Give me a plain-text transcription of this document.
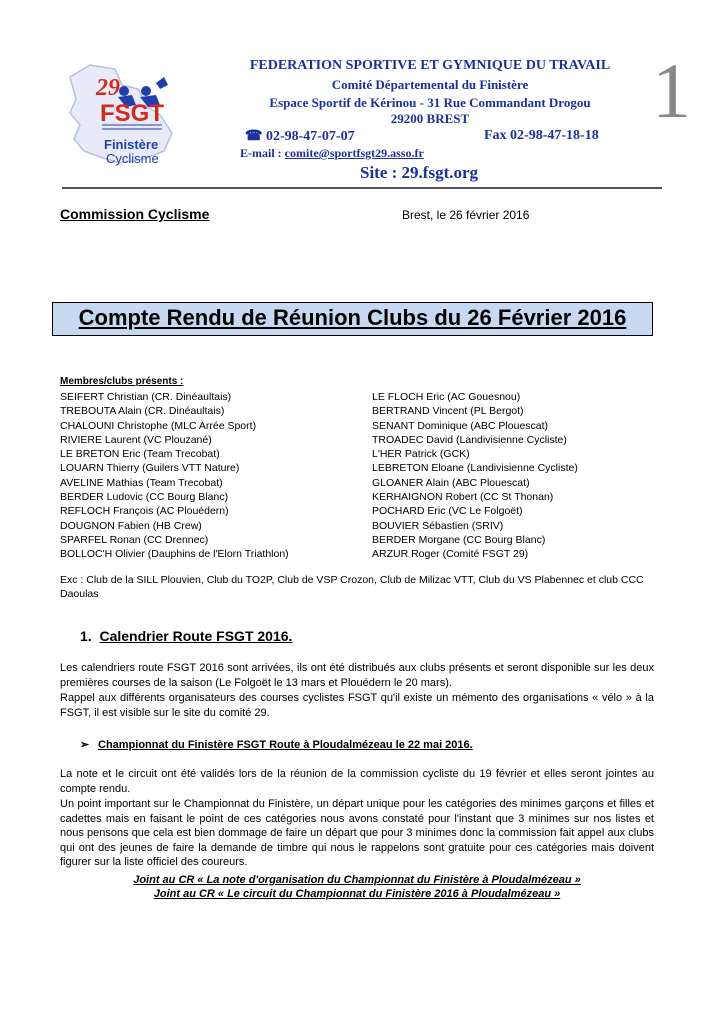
29
FSGT
Finistère
Cyclisme
FEDERATION SPORTIVE ET GYMNIQUE DU TRAVAIL
Comité Départemental du Finistère
Espace Sportif de Kérinou - 31 Rue Commandant Drogou
29200 BREST
☎ 02-98-47-07-07	Fax 02-98-47-18-18
E-mail : comite@sportfsgt29.asso.fr
Site : 29.fsgt.org
1
Commission Cyclisme	Brest, le 26 février 2016
Compte Rendu de Réunion Clubs du 26 Février 2016
Membres/clubs présents :
SEIFERT Christian (CR. Dinéaultais)
TREBOUTA Alain (CR. Dinéaultais)
CHALOUNI Christophe (MLC Arrée Sport)
RIVIERE Laurent (VC Plouzané)
LE BRETON Eric (Team Trecobat)
LOUARN Thierry (Guilers VTT Nature)
AVELINE Mathias (Team Trecobat)
BERDER Ludovic (CC Bourg Blanc)
REFLOCH François (AC Plouédern)
DOUGNON Fabien (HB Crew)
SPARFEL Ronan (CC Drennec)
BOLLOC'H Olivier (Dauphins de l'Elorn Triathlon)
LE FLOCH Eric (AC Gouesnou)
BERTRAND Vincent (PL Bergot)
SENANT Dominique (ABC Plouescat)
TROADEC David (Landivisienne Cycliste)
L'HER Patrick (GCK)
LEBRETON Eloane (Landivisienne Cycliste)
GLOANER Alain (ABC Plouescat)
KERHAIGNON Robert (CC St Thonan)
POCHARD Eric (VC Le Folgoët)
BOUVIER Sébastien (SRIV)
BERDER Morgane (CC Bourg Blanc)
ARZUR Roger (Comité FSGT 29)
Exc : Club de la SILL Plouvien, Club du TO2P, Club de VSP Crozon, Club de Milizac VTT, Club du VS Plabennec et club CCC Daoulas
1. Calendrier Route FSGT 2016.
Les calendriers route FSGT 2016 sont arrivées, ils ont été distribués aux clubs présents et seront disponible sur les deux premières courses de la saison (Le Folgoët le 13 mars et Plouédern le 20 mars).
Rappel aux différents organisateurs des courses cyclistes FSGT qu'il existe un mémento des organisations « vélo » à la FSGT, il est visible sur le site du comité 29.
➢ Championnat du Finistère FSGT Route à Ploudalmézeau le 22 mai 2016.
La note et le circuit ont été validés lors de la réunion de la commission cycliste du 19 février et elles seront jointes au compte rendu.
Un point important sur le Championnat du Finistère, un départ unique pour les catégories des minimes garçons et filles et cadettes mais en faisant le point de ces catégories nous avons constaté pour l'instant que 3 minimes sur nos listes et nous pensons que cela est bien dommage de faire un départ que pour 3 minimes donc la commission fait appel aux clubs qui ont des jeunes de faire la demande de timbre qui nous le rappelons sont gratuite pour ces catégories mais doivent figurer sur la liste officiel des coureurs.
Joint au CR « La note d'organisation du Championnat du Finistère à Ploudalmézeau »
Joint au CR « Le circuit du Championnat du Finistère 2016 à Ploudalmézeau »
